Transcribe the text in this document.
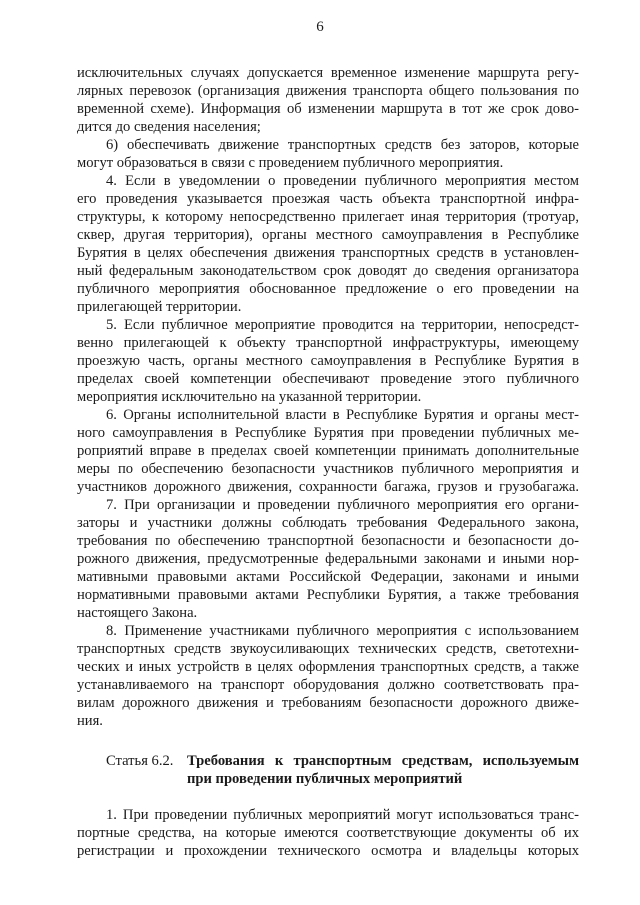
6
исключительных случаях допускается временное изменение маршрута регу-
лярных перевозок (организация движения транспорта общего пользования по
временной схеме). Информация об изменении маршрута в тот же срок дово-
дится до сведения населения;
6) обеспечивать движение транспортных средств без заторов, которые
могут образоваться в связи с проведением публичного мероприятия.
4. Если в уведомлении о проведении публичного мероприятия местом
его проведения указывается проезжая часть объекта транспортной инфра-
структуры, к которому непосредственно прилегает иная территория (тротуар,
сквер, другая территория), органы местного самоуправления в Республике
Бурятия в целях обеспечения движения транспортных средств в установлен-
ный федеральным законодательством срок доводят до сведения организатора
публичного мероприятия обоснованное предложение о его проведении на
прилегающей территории.
5. Если публичное мероприятие проводится на территории, непосредст-
венно прилегающей к объекту транспортной инфраструктуры, имеющему
проезжую часть, органы местного самоуправления в Республике Бурятия в
пределах своей компетенции обеспечивают проведение этого публичного
мероприятия исключительно на указанной территории.
6. Органы исполнительной власти в Республике Бурятия и органы мест-
ного самоуправления в Республике Бурятия при проведении публичных ме-
роприятий вправе в пределах своей компетенции принимать дополнительные
меры по обеспечению безопасности участников публичного мероприятия и
участников дорожного движения, сохранности багажа, грузов и грузобагажа.
7. При организации и проведении публичного мероприятия его органи-
заторы и участники должны соблюдать требования Федерального закона,
требования по обеспечению транспортной безопасности и безопасности до-
рожного движения, предусмотренные федеральными законами и иными нор-
мативными правовыми актами Российской Федерации, законами и иными
нормативными правовыми актами Республики Бурятия, а также требования
настоящего Закона.
8. Применение участниками публичного мероприятия с использованием
транспортных средств звукоусиливающих технических средств, светотехни-
ческих и иных устройств в целях оформления транспортных средств, а также
устанавливаемого на транспорт оборудования должно соответствовать пра-
вилам дорожного движения и требованиям безопасности дорожного движе-
ния.
Статья 6.2. Требования к транспортным средствам, используемым
при проведении публичных мероприятий
1. При проведении публичных мероприятий могут использоваться транс-
портные средства, на которые имеются соответствующие документы об их
регистрации и прохождении технического осмотра и владельцы которых
